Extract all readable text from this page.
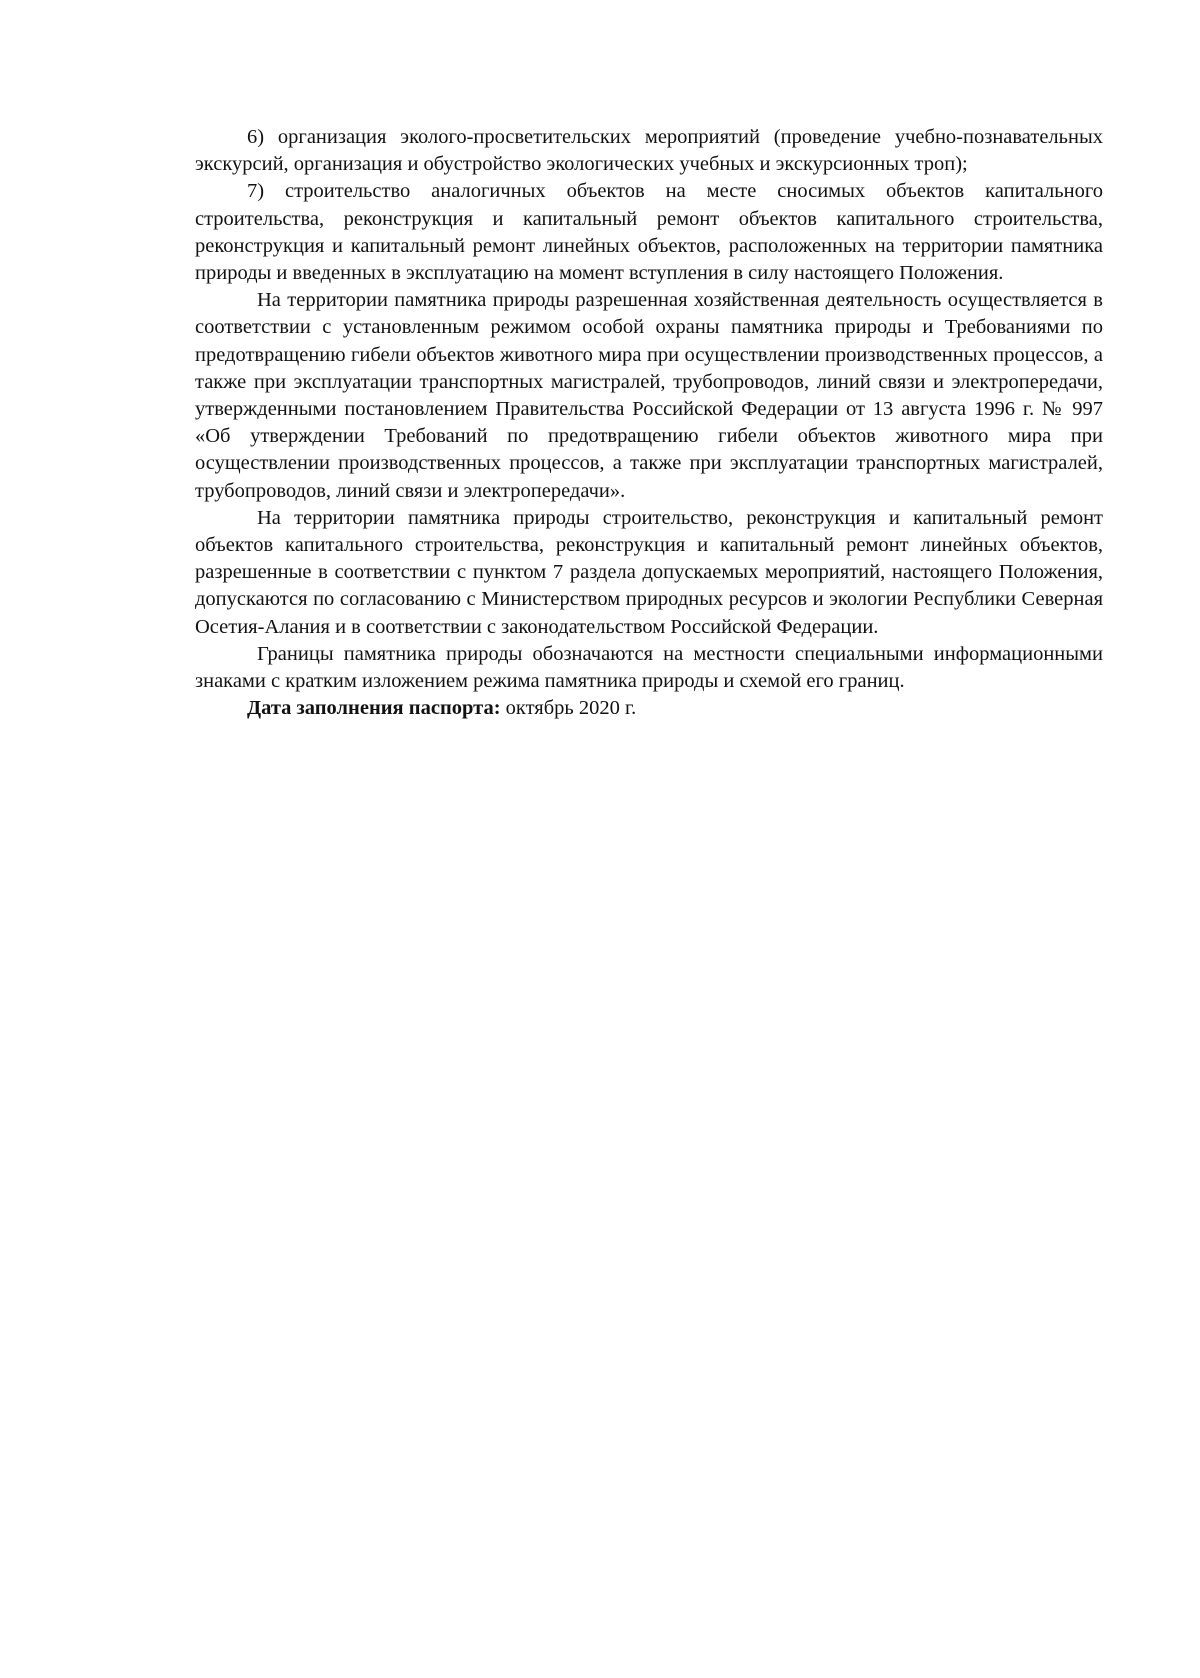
6) организация эколого-просветительских мероприятий (проведение учебно-познавательных экскурсий, организация и обустройство экологических учебных и экскурсионных троп);

7) строительство аналогичных объектов на месте сносимых объектов капитального строительства, реконструкция и капитальный ремонт объектов капитального строительства, реконструкция и капитальный ремонт линейных объектов, расположенных на территории памятника природы и введенных в эксплуатацию на момент вступления в силу настоящего Положения.

На территории памятника природы разрешенная хозяйственная деятельность осуществляется в соответствии с установленным режимом особой охраны памятника природы и Требованиями по предотвращению гибели объектов животного мира при осуществлении производственных процессов, а также при эксплуатации транспортных магистралей, трубопроводов, линий связи и электропередачи, утвержденными постановлением Правительства Российской Федерации от 13 августа 1996 г. № 997 «Об утверждении Требований по предотвращению гибели объектов животного мира при осуществлении производственных процессов, а также при эксплуатации транспортных магистралей, трубопроводов, линий связи и электропередачи».

На территории памятника природы строительство, реконструкция и капитальный ремонт объектов капитального строительства, реконструкция и капитальный ремонт линейных объектов, разрешенные в соответствии с пунктом 7 раздела допускаемых мероприятий, настоящего Положения, допускаются по согласованию с Министерством природных ресурсов и экологии Республики Северная Осетия-Алания и в соответствии с законодательством Российской Федерации.

Границы памятника природы обозначаются на местности специальными информационными знаками с кратким изложением режима памятника природы и схемой его границ.

Дата заполнения паспорта: октябрь 2020 г.
